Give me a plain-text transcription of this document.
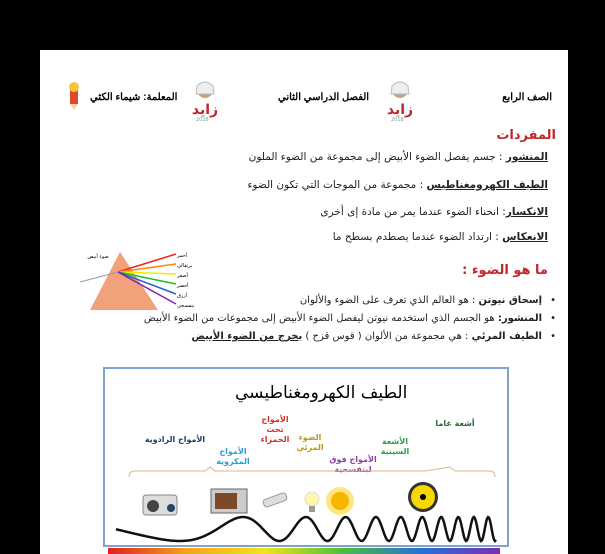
الصف الرابع
الفصل الدراسي الثاني
المعلمة: شيماء الكثي
زايد
2018
زايد
2018
المفردات
المنشور : جسم يفصل الضوء الأبيض إلى مجموعة من الضوء الملون
الطيف الكهرومغناطيس : مجموعة من الموجات التي تكون الضوء
الانكسار: انحناء الضوء عندما يمر من مادة إى أخرى
الانعكاس : ارتداد الضوء عندما يصطدم بسطح ما
ما هو الضوء :
• إسحاق نيوتن : هو العالم الذي تعرف على الضوء والألوان
• المنشور: هو الجسم الذي استخدمه نيوتن ليفصل الضوء الأبيض إلى مجموعات من الضوء الأبيض
• الطيف المرئي : هي مجموعة من الألوان ( قوس قزح ) يخرج من الضوء الأبيض
ضوء أبيض	أحمر
برتقالي
أصفر
أخضر
أزرق
بنفسجي
الطيف الكهرومغناطيسي
الأمواج الرادوية
الأمواج المكروية
الأمواج تحت الحمراء	الضوء المرئي
الأمواج فوق لبنفسجية
الأشعة السينية
أشعة غاما
